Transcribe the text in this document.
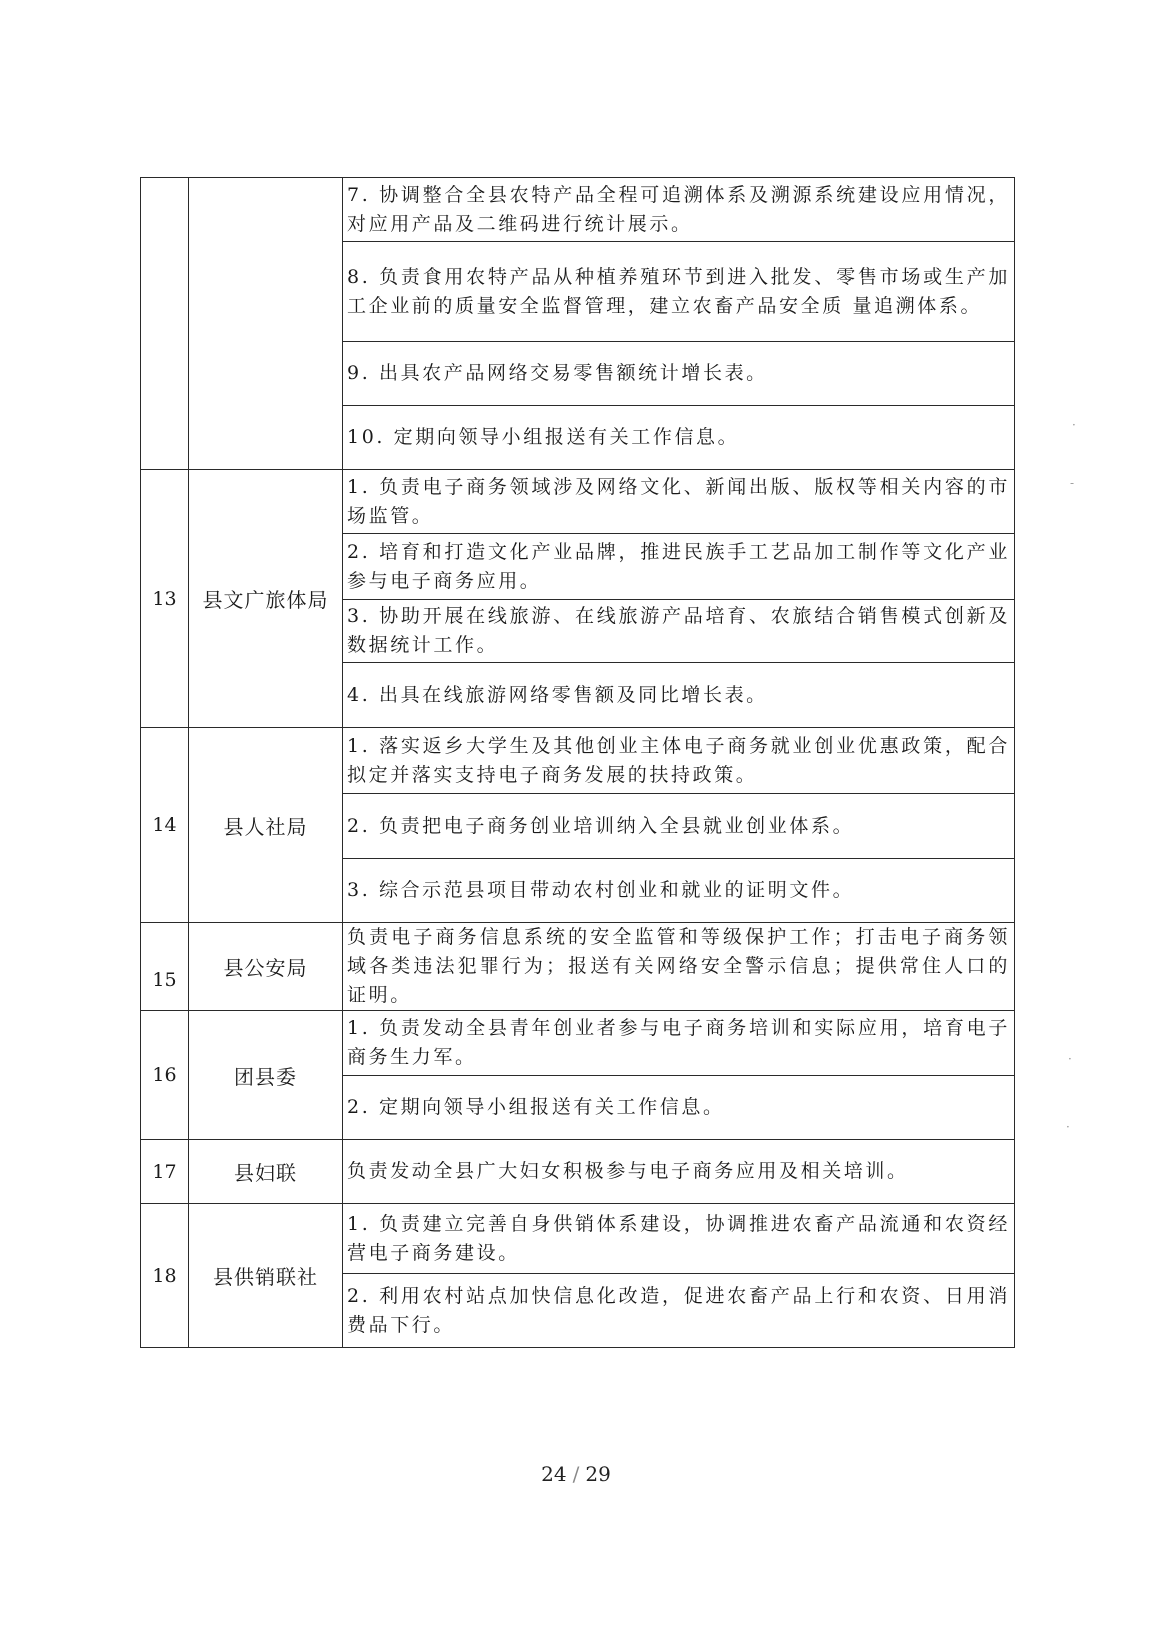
		7. 协调整合全县农特产品全程可追溯体系及溯源系统建设应用情况，对应用产品及二维码进行统计展示。
		8. 负责食用农特产品从种植养殖环节到进入批发、零售市场或生产加工企业前的质量安全监督管理，建立农畜产品安全质 量追溯体系。
		9. 出具农产品网络交易零售额统计增长表。
		10. 定期向领导小组报送有关工作信息。
13	县文广旅体局	1. 负责电子商务领域涉及网络文化、新闻出版、版权等相关内容的市场监管。
		2. 培育和打造文化产业品牌，推进民族手工艺品加工制作等文化产业参与电子商务应用。
		3. 协助开展在线旅游、在线旅游产品培育、农旅结合销售模式创新及数据统计工作。
		4. 出具在线旅游网络零售额及同比增长表。
14	县人社局	1. 落实返乡大学生及其他创业主体电子商务就业创业优惠政策，配合拟定并落实支持电子商务发展的扶持政策。
		2. 负责把电子商务创业培训纳入全县就业创业体系。
		3. 综合示范县项目带动农村创业和就业的证明文件。
15	县公安局	负责电子商务信息系统的安全监管和等级保护工作；打击电子商务领域各类违法犯罪行为；报送有关网络安全警示信息；提供常住人口的证明。
16	团县委	1. 负责发动全县青年创业者参与电子商务培训和实际应用，培育电子商务生力军。
		2. 定期向领导小组报送有关工作信息。
17	县妇联	负责发动全县广大妇女积极参与电子商务应用及相关培训。
18	县供销联社	1. 负责建立完善自身供销体系建设，协调推进农畜产品流通和农资经营电子商务建设。
		2. 利用农村站点加快信息化改造，促进农畜产品上行和农资、日用消费品下行。
24 / 29
·
-
·
·
